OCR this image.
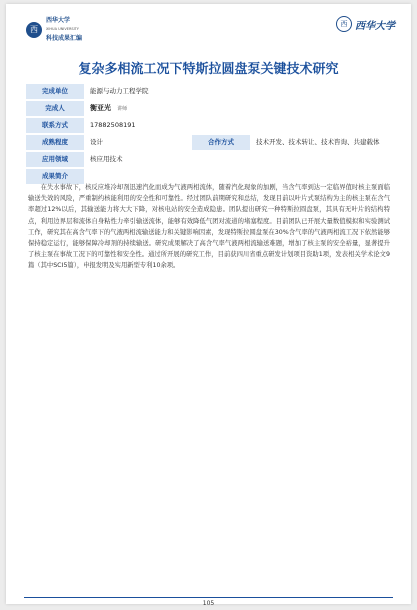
西
西华大学
XIHUA UNIVERSITY
科技成果汇编
西 西华大学
复杂多相流工况下特斯拉圆盘泵关键技术研究
完成单位	能源与动力工程学院
完成人	衡亚光 讲师
联系方式	17882508191
成熟程度	设计	合作方式	技术开发、技术转让、技术咨询、共建载体
应用领域	核应用技术
成果简介
在失水事故下，核反应堆冷却剂迅速汽化而成为气液两相流体，随着汽化现象的加剧，当含气率到达一定临界值时核主泵面临输送失效的风险，严重制约核能利用的安全性和可靠性。经过团队前期研究和总结，发现目前以叶片式泵结构为主的核主泵在含气率超过12%以后，其输送能力将大大下降，对核电站的安全造成隐患。团队提出研究一种特斯拉圆盘泵，其具有无叶片的结构特点，利用边界层和流体自身粘性力牵引输送流体，能够有效降低气团对流道的堵塞程度。目前团队已开展大量数值模拟和实验测试工作，研究其在高含气率下的气液两相流输送能力和关键影响因素，发现特斯拉圆盘泵在30%含气率的气液两相流工况下依然能够保持稳定运行，能够保障冷却剂的持续输送。研究成果解决了高含气率气液两相流输送难题，增加了核主泵的安全裕量，显著提升了核主泵在事故工况下的可靠性和安全性。通过所开展的研究工作，目前获四川省重点研发计划项目资助1项，发表相关学术论文9篇（其中SCI5篇），申报发明及实用新型专利10余项。
105
